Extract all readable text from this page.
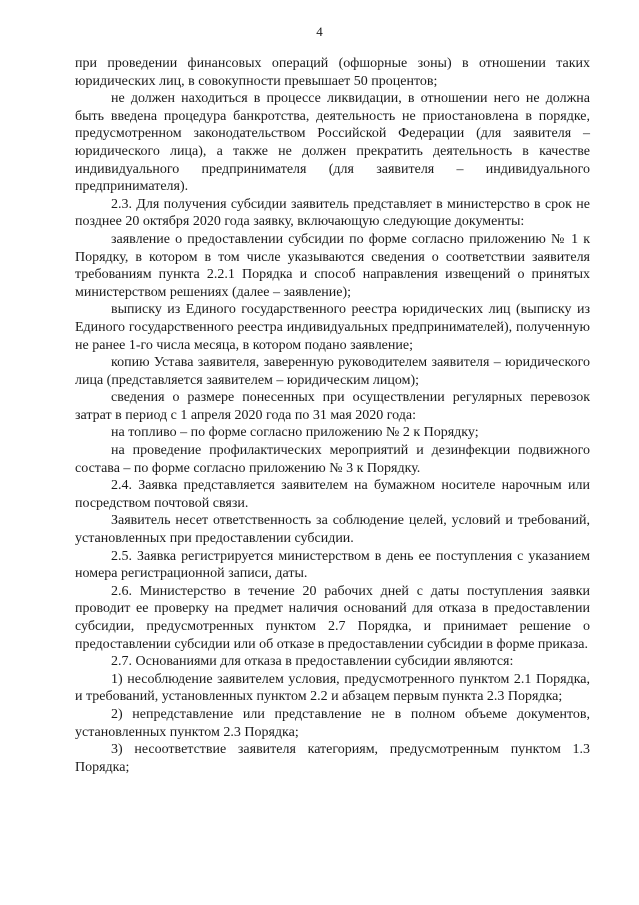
4

при проведении финансовых операций (офшорные зоны) в отношении таких юридических лиц, в совокупности превышает 50 процентов;

не должен находиться в процессе ликвидации, в отношении него не должна быть введена процедура банкротства, деятельность не приостановлена в порядке, предусмотренном законодательством Российской Федерации (для заявителя – юридического лица), а также не должен прекратить деятельность в качестве индивидуального предпринимателя (для заявителя – индивидуального предпринимателя).

2.3. Для получения субсидии заявитель представляет в министерство в срок не позднее 20 октября 2020 года заявку, включающую следующие документы:

заявление о предоставлении субсидии по форме согласно приложению № 1 к Порядку, в котором в том числе указываются сведения о соответствии заявителя требованиям пункта 2.2.1 Порядка и способ направления извещений о принятых министерством решениях (далее – заявление);

выписку из Единого государственного реестра юридических лиц (выписку из Единого государственного реестра индивидуальных предпринимателей), полученную не ранее 1-го числа месяца, в котором подано заявление;

копию Устава заявителя, заверенную руководителем заявителя – юридического лица (представляется заявителем – юридическим лицом);

сведения о размере понесенных при осуществлении регулярных перевозок затрат в период с 1 апреля 2020 года по 31 мая 2020 года:

на топливо – по форме согласно приложению № 2 к Порядку;

на проведение профилактических мероприятий и дезинфекции подвижного состава – по форме согласно приложению № 3 к Порядку.

2.4. Заявка представляется заявителем на бумажном носителе нарочным или посредством почтовой связи.

Заявитель несет ответственность за соблюдение целей, условий и требований, установленных при предоставлении субсидии.

2.5. Заявка регистрируется министерством в день ее поступления с указанием номера регистрационной записи, даты.

2.6. Министерство в течение 20 рабочих дней с даты поступления заявки проводит ее проверку на предмет наличия оснований для отказа в предоставлении субсидии, предусмотренных пунктом 2.7 Порядка, и принимает решение о предоставлении субсидии или об отказе в предоставлении субсидии в форме приказа.

2.7. Основаниями для отказа в предоставлении субсидии являются:

1) несоблюдение заявителем условия, предусмотренного пунктом 2.1 Порядка, и требований, установленных пунктом 2.2 и абзацем первым пункта 2.3 Порядка;

2) непредставление или представление не в полном объеме документов, установленных пунктом 2.3 Порядка;

3) несоответствие заявителя категориям, предусмотренным пунктом 1.3 Порядка;
